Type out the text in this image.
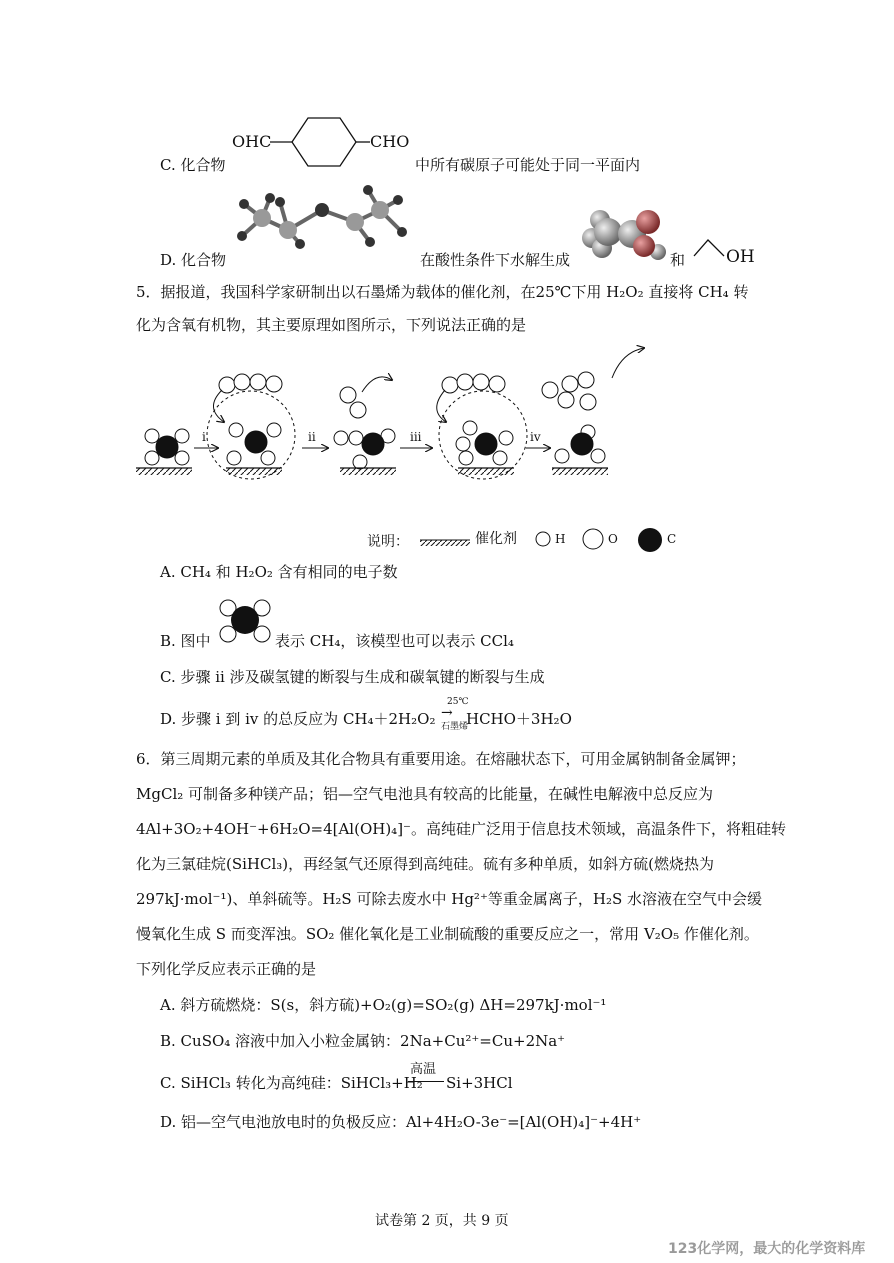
OHC	CHO
C. 化合物	中所有碳原子可能处于同一平面内
D. 化合物	在酸性条件下水解生成	和 OH
5．据报道，我国科学家研制出以石墨烯为载体的催化剂，在25℃下用 H₂O₂ 直接将 CH₄ 转
化为含氧有机物，其主要原理如图所示，下列说法正确的是
i	ii	iii	iv
说明：	催化剂	H	O	C
A. CH₄ 和 H₂O₂ 含有相同的电子数
B. 图中	表示 CH₄，该模型也可以表示 CCl₄
C. 步骤 ii 涉及碳氢键的断裂与生成和碳氧键的断裂与生成
D. 步骤 i 到 iv 的总反应为 CH₄＋2H₂O₂
25℃
→
石墨烯
HCHO＋3H₂O
6．第三周期元素的单质及其化合物具有重要用途。在熔融状态下，可用金属钠制备金属钾；
MgCl₂ 可制备多种镁产品；铝—空气电池具有较高的比能量，在碱性电解液中总反应为
4Al+3O₂+4OH⁻+6H₂O=4[Al(OH)₄]⁻。高纯硅广泛用于信息技术领域，高温条件下，将粗硅转
化为三氯硅烷(SiHCl₃)，再经氢气还原得到高纯硅。硫有多种单质，如斜方硫(燃烧热为
297kJ·mol⁻¹)、单斜硫等。H₂S 可除去废水中 Hg²⁺等重金属离子，H₂S 水溶液在空气中会缓
慢氧化生成 S 而变浑浊。SO₂ 催化氧化是工业制硫酸的重要反应之一，常用 V₂O₅ 作催化剂。
下列化学反应表示正确的是
A. 斜方硫燃烧：S(s，斜方硫)+O₂(g)=SO₂(g) ΔH=297kJ·mol⁻¹
B. CuSO₄ 溶液中加入小粒金属钠：2Na+Cu²⁺=Cu+2Na⁺
C. SiHCl₃ 转化为高纯硅：SiHCl₃+H₂
高温
Si+3HCl
D. 铝—空气电池放电时的负极反应：Al+4H₂O-3e⁻=[Al(OH)₄]⁻+4H⁺
试卷第 2 页，共 9 页
123化学网，最大的化学资料库
